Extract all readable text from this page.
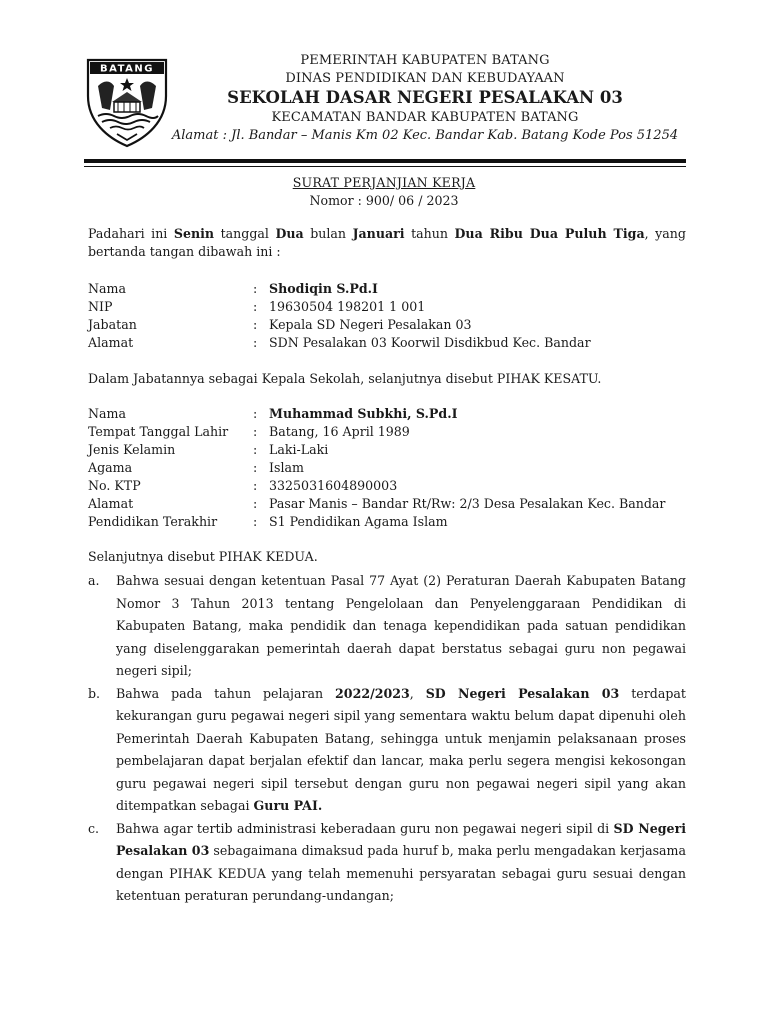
BATANG
PEMERINTAH KABUPATEN BATANG
DINAS PENDIDIKAN DAN KEBUDAYAAN
SEKOLAH DASAR NEGERI PESALAKAN 03
KECAMATAN BANDAR KABUPATEN BATANG
Alamat : Jl. Bandar – Manis Km 02 Kec. Bandar Kab. Batang Kode Pos 51254
SURAT PERJANJIAN KERJA
Nomor : 900/ 06 / 2023
Padahari ini Senin tanggal Dua bulan Januari tahun Dua Ribu Dua Puluh Tiga, yang bertanda tangan dibawah ini :
Nama	: Shodiqin S.Pd.I
NIP	: 19630504 198201 1 001
Jabatan	: Kepala SD Negeri Pesalakan 03
Alamat	: SDN Pesalakan 03 Koorwil Disdikbud Kec. Bandar
Dalam Jabatannya sebagai Kepala Sekolah, selanjutnya disebut PIHAK KESATU.
Nama	: Muhammad Subkhi, S.Pd.I
Tempat Tanggal Lahir : Batang, 16 April 1989
Jenis Kelamin	: Laki-Laki
Agama	: Islam
No. KTP	: 3325031604890003
Alamat	: Pasar Manis – Bandar Rt/Rw: 2/3 Desa Pesalakan Kec. Bandar
Pendidikan Terakhir	: S1 Pendidikan Agama Islam
Selanjutnya disebut PIHAK KEDUA.
a. Bahwa sesuai dengan ketentuan Pasal 77 Ayat (2) Peraturan Daerah Kabupaten Batang Nomor 3 Tahun 2013 tentang Pengelolaan dan Penyelenggaraan Pendidikan di Kabupaten Batang, maka pendidik dan tenaga kependidikan pada satuan pendidikan yang diselenggarakan pemerintah daerah dapat berstatus sebagai guru non pegawai negeri sipil;
b. Bahwa pada tahun pelajaran 2022/2023, SD Negeri Pesalakan 03 terdapat kekurangan guru pegawai negeri sipil yang sementara waktu belum dapat dipenuhi oleh Pemerintah Daerah Kabupaten Batang, sehingga untuk menjamin pelaksanaan proses pembelajaran dapat berjalan efektif dan lancar, maka perlu segera mengisi kekosongan guru pegawai negeri sipil tersebut dengan guru non pegawai negeri sipil yang akan ditempatkan sebagai Guru PAI.
c. Bahwa agar tertib administrasi keberadaan guru non pegawai negeri sipil di SD Negeri Pesalakan 03 sebagaimana dimaksud pada huruf b, maka perlu mengadakan kerjasama dengan PIHAK KEDUA yang telah memenuhi persyaratan sebagai guru sesuai dengan ketentuan peraturan perundang-undangan;
